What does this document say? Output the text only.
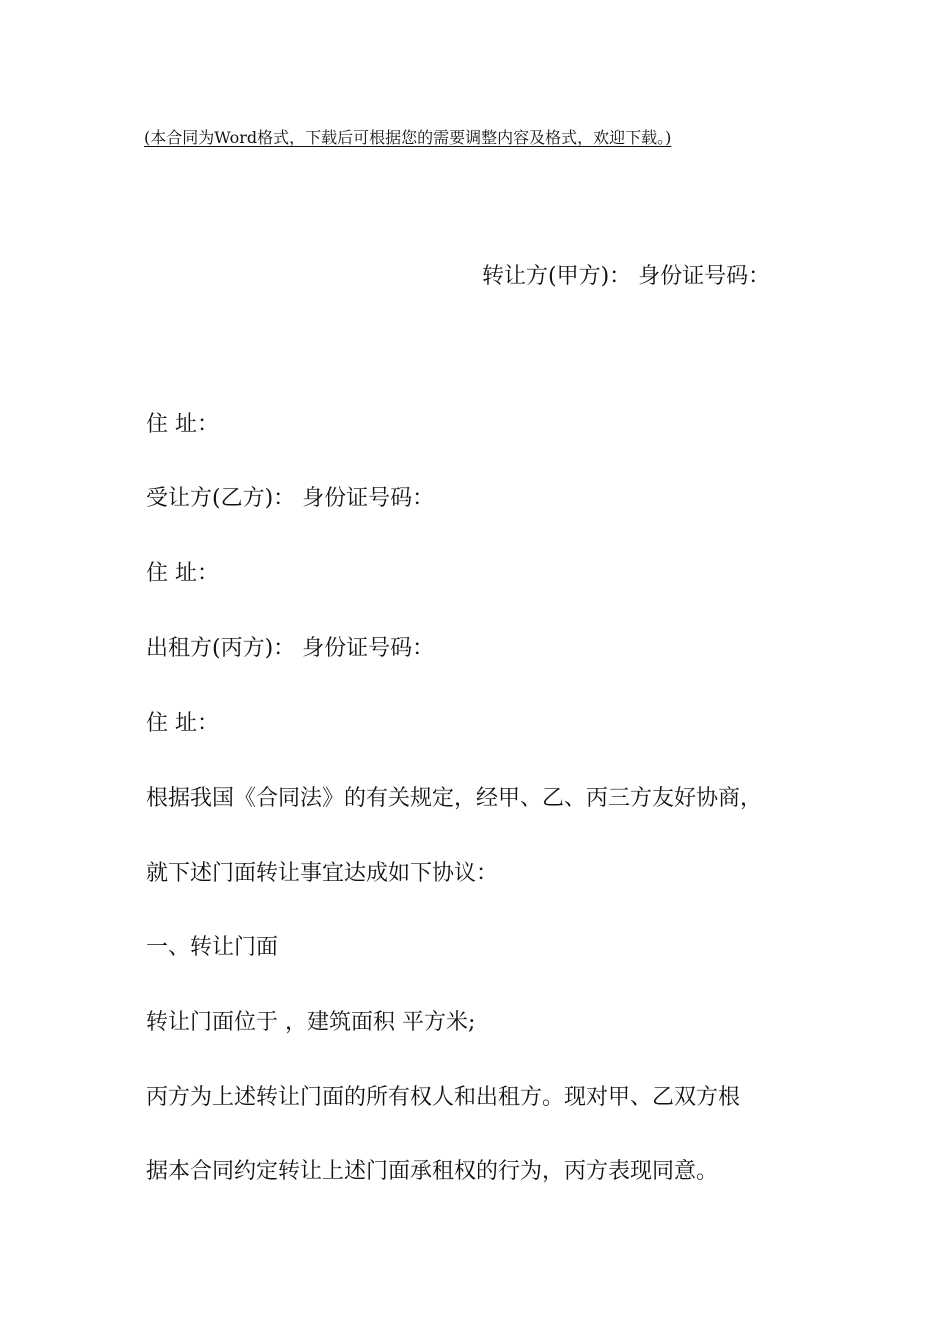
(本合同为Word格式，下载后可根据您的需要调整内容及格式，欢迎下载。)
转让方(甲方)： 身份证号码：
住 址：
受让方(乙方)： 身份证号码：
住 址：
出租方(丙方)： 身份证号码：
住 址：
根据我国《合同法》的有关规定，经甲、乙、丙三方友好协商，
就下述门面转让事宜达成如下协议：
一、转让门面
转让门面位于 ，建筑面积 平方米;
丙方为上述转让门面的所有权人和出租方。现对甲、乙双方根
据本合同约定转让上述门面承租权的行为，丙方表现同意。
